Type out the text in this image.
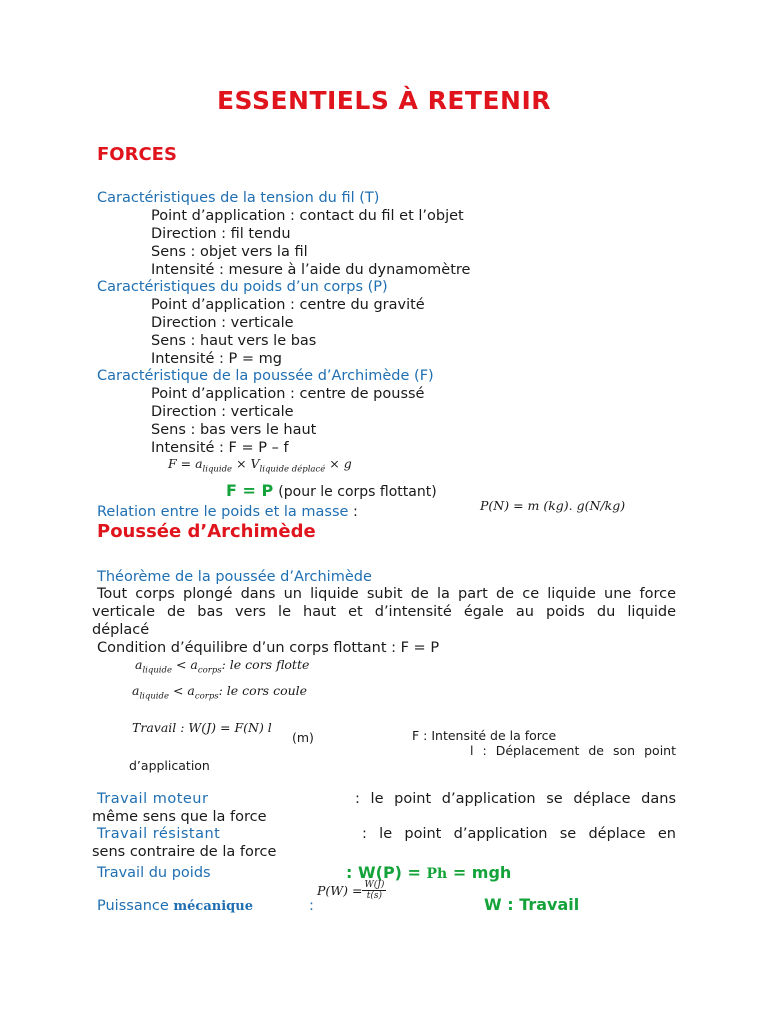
ESSENTIELS À RETENIR
FORCES
Caractéristiques de la tension du fil (T)
Point d’application : contact du fil et l’objet
Direction : fil tendu
Sens : objet vers la fil
Intensité : mesure à l’aide du dynamomètre
Caractéristiques du poids d’un corps (P)
Point d’application : centre du gravité
Direction : verticale
Sens : haut vers le bas
Intensité : P = mg
Caractéristique de la poussée d’Archimède (F)
Point d’application : centre de poussé
Direction : verticale
Sens : bas vers le haut
Intensité : F = P – f
$F = a_{liquide} \times V_{liquide déplacé} \times g$
F = P (pour le corps flottant)
Relation entre le poids et la masse :	P(N) = m (kg). g(N/kg)
Poussée d’Archimède
Théorème de la poussée d’Archimède
Tout corps plongé dans un liquide subit de la part de ce liquide une force
verticale de bas vers le haut et d’intensité égale au poids du liquide
déplacé
Condition d’équilibre d’un corps flottant : F = P
$a_{liquide} < a_{corps}$: le cors flotte
$a_{liquide} < a_{corps}$: le cors coule
Travail : W(J) = F(N) l
(m)	F : Intensité de la force
l : Déplacement de son point
d’application
Travail moteur	: le point d’application se déplace dans
même sens que la force
Travail résistant	: le point d’application se déplace en
sens contraire de la force
Travail du poids	: W(P) = Ph = mgh
Puissance mécanique	:
$P(W) = \frac{W(J)}{t(s)}$
W : Travail
